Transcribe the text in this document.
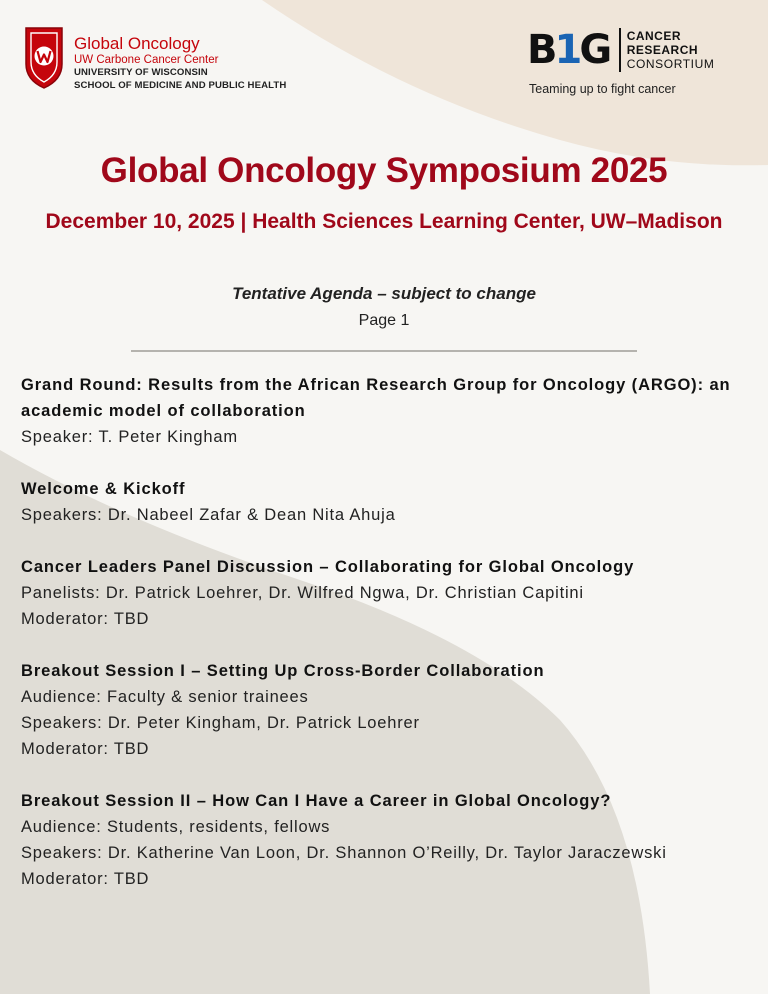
Global Oncology
UW Carbone Cancer Center
UNIVERSITY OF WISCONSIN
SCHOOL OF MEDICINE AND PUBLIC HEALTH
B1G CANCER
RESEARCH
CONSORTIUM
Teaming up to fight cancer
Global Oncology Symposium 2025
December 10, 2025 | Health Sciences Learning Center, UW–Madison
Tentative Agenda – subject to change
Page 1
Grand Round: Results from the African Research Group for Oncology (ARGO): an academic model of collaboration
Speaker: T. Peter Kingham
Welcome & Kickoff
Speakers: Dr. Nabeel Zafar & Dean Nita Ahuja
Cancer Leaders Panel Discussion – Collaborating for Global Oncology
Panelists: Dr. Patrick Loehrer, Dr. Wilfred Ngwa, Dr. Christian Capitini
Moderator: TBD
Breakout Session I – Setting Up Cross-Border Collaboration
Audience: Faculty & senior trainees
Speakers: Dr. Peter Kingham, Dr. Patrick Loehrer
Moderator: TBD
Breakout Session II – How Can I Have a Career in Global Oncology?
Audience: Students, residents, fellows
Speakers: Dr. Katherine Van Loon, Dr. Shannon O’Reilly, Dr. Taylor Jaraczewski
Moderator: TBD
